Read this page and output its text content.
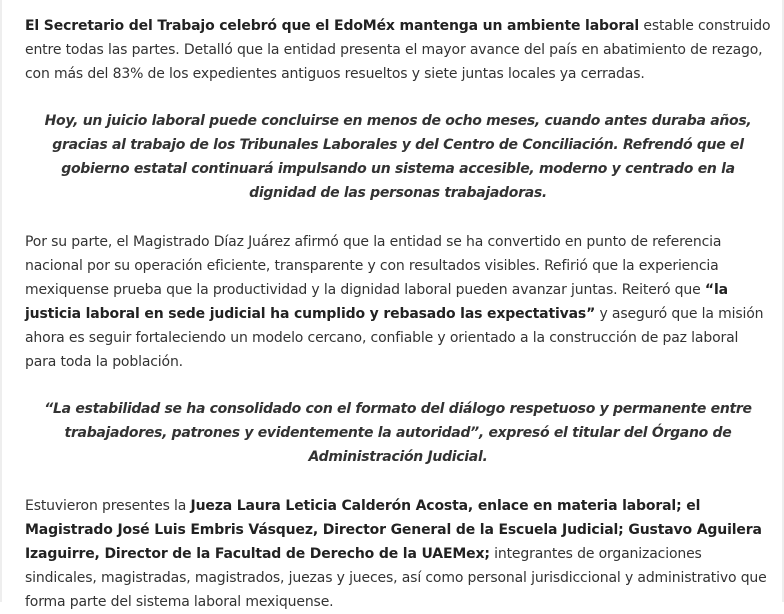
El Secretario del Trabajo celebró que el EdoMéx mantenga un ambiente laboral estable construido entre todas las partes. Detalló que la entidad presenta el mayor avance del país en abatimiento de rezago, con más del 83% de los expedientes antiguos resueltos y siete juntas locales ya cerradas.

Hoy, un juicio laboral puede concluirse en menos de ocho meses, cuando antes duraba años, gracias al trabajo de los Tribunales Laborales y del Centro de Conciliación. Refrendó que el gobierno estatal continuará impulsando un sistema accesible, moderno y centrado en la dignidad de las personas trabajadoras.

Por su parte, el Magistrado Díaz Juárez afirmó que la entidad se ha convertido en punto de referencia nacional por su operación eficiente, transparente y con resultados visibles. Refirió que la experiencia mexiquense prueba que la productividad y la dignidad laboral pueden avanzar juntas. Reiteró que “la justicia laboral en sede judicial ha cumplido y rebasado las expectativas” y aseguró que la misión ahora es seguir fortaleciendo un modelo cercano, confiable y orientado a la construcción de paz laboral para toda la población.

“La estabilidad se ha consolidado con el formato del diálogo respetuoso y permanente entre trabajadores, patrones y evidentemente la autoridad”, expresó el titular del Órgano de Administración Judicial.

Estuvieron presentes la Jueza Laura Leticia Calderón Acosta, enlace en materia laboral; el Magistrado José Luis Embris Vásquez, Director General de la Escuela Judicial; Gustavo Aguilera Izaguirre, Director de la Facultad de Derecho de la UAEMex; integrantes de organizaciones sindicales, magistradas, magistrados, juezas y jueces, así como personal jurisdiccional y administrativo que forma parte del sistema laboral mexiquense.
